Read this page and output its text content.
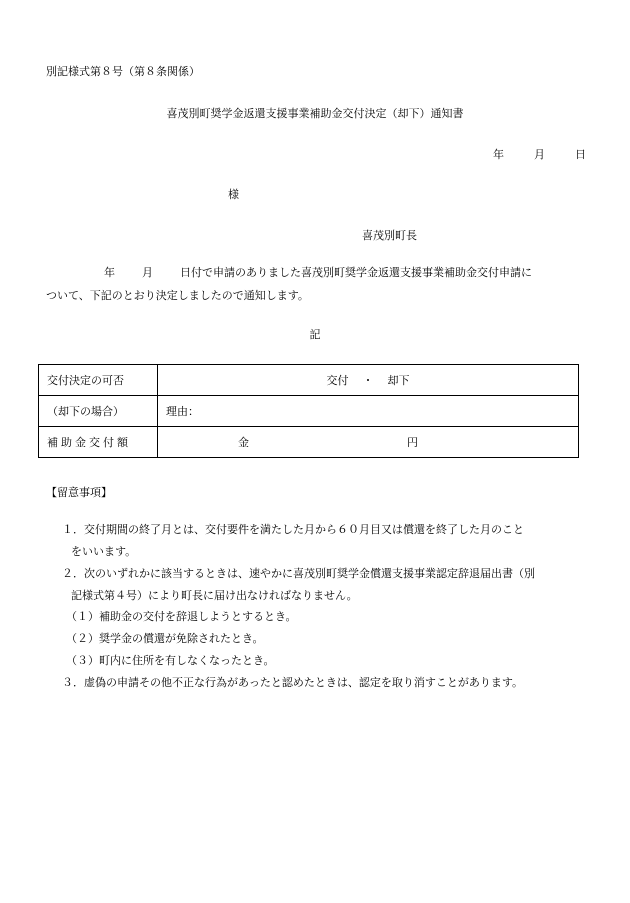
別記様式第８号（第８条関係）
喜茂別町奨学金返還支援事業補助金交付決定（却下）通知書
年	月	日
様
喜茂別町長
年 月 日付で申請のありました喜茂別町奨学金返還支援事業補助金交付申請に
ついて、下記のとおり決定しましたので通知します。
記
交付決定の可否	交付 ・ 却下
（却下の場合）	理由：
補助金交付額	金 円
【留意事項】
１．交付期間の終了月とは、交付要件を満たした月から６０月目又は償還を終了した月のこと
をいいます。
２．次のいずれかに該当するときは、速やかに喜茂別町奨学金償還支援事業認定辞退届出書（別
記様式第４号）により町長に届け出なければなりません。
（１）補助金の交付を辞退しようとするとき。
（２）奨学金の償還が免除されたとき。
（３）町内に住所を有しなくなったとき。
３．虚偽の申請その他不正な行為があったと認めたときは、認定を取り消すことがあります。
